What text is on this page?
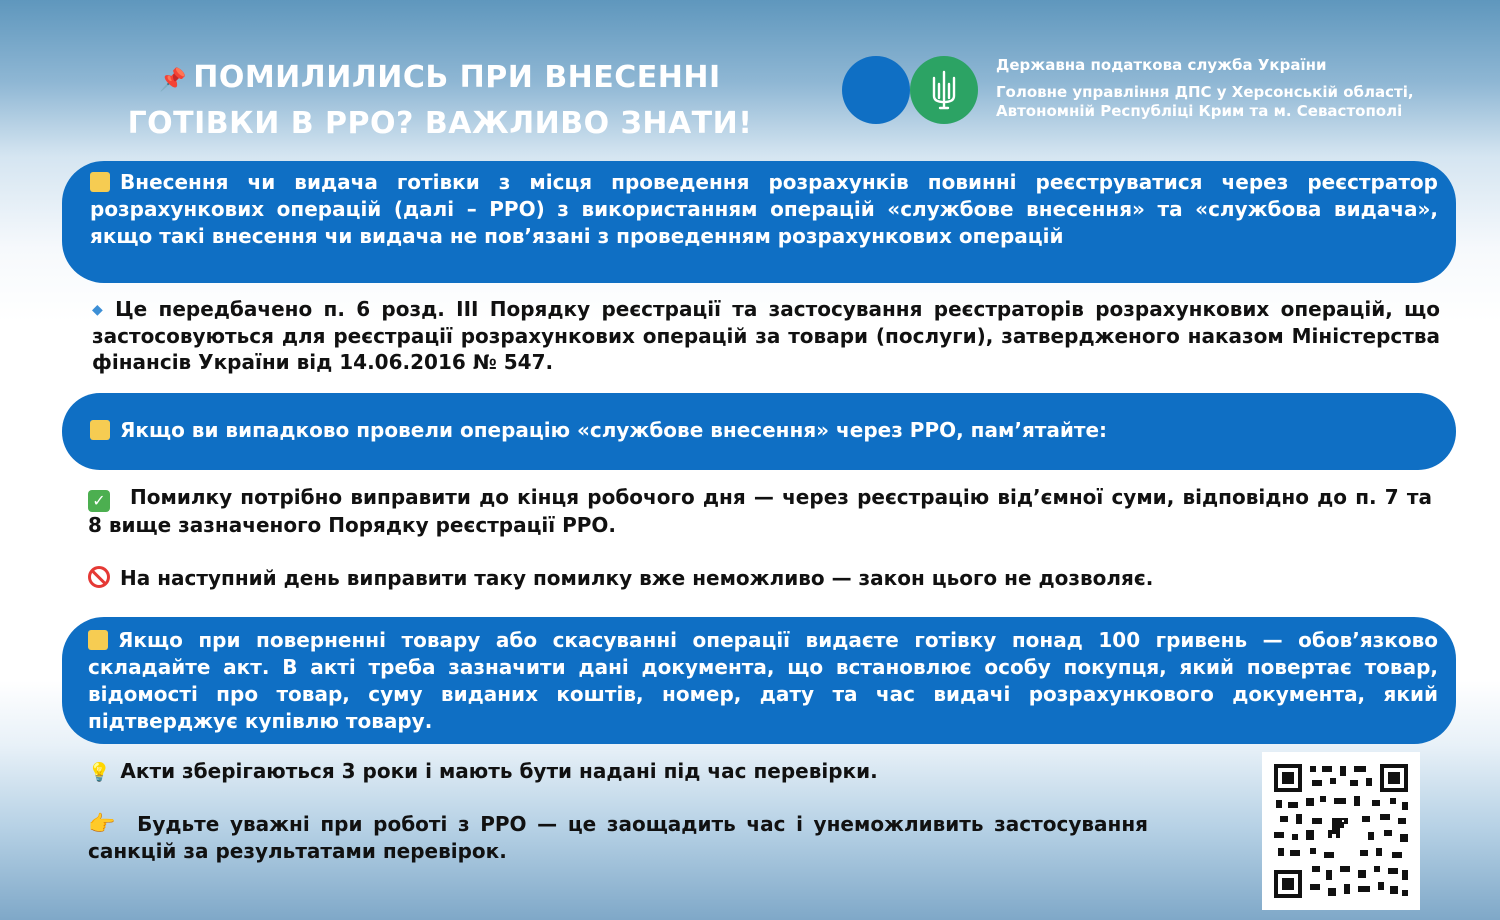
📌 ПОМИЛИЛИСЬ ПРИ ВНЕСЕННІ
ГОТІВКИ В РРО? ВАЖЛИВО ЗНАТИ!
Державна податкова служба України
Головне управління ДПС у Херсонській області,
Автономній Республіці Крим та м. Севастополі
Внесення чи видача готівки з місця проведення розрахунків повинні реєструватися через реєстратор розрахункових операцій (далі – РРО) з використанням операцій «службове внесення» та «службова видача», якщо такі внесення чи видача не пов’язані з проведенням розрахункових операцій
◆ Це передбачено п. 6 розд. III Порядку реєстрації та застосування реєстраторів розрахункових операцій, що застосовуються для реєстрації розрахункових операцій за товари (послуги), затвердженого наказом Міністерства фінансів України від 14.06.2016 № 547.
Якщо ви випадково провели операцію «службове внесення» через РРО, пам’ятайте:
✓ Помилку потрібно виправити до кінця робочого дня — через реєстрацію від’ємної суми, відповідно до п. 7 та 8 вище зазначеного Порядку реєстрації РРО.
На наступний день виправити таку помилку вже неможливо — закон цього не дозволяє.
Якщо при поверненні товару або скасуванні операції видаєте готівку понад 100 гривень — обов’язково складайте акт. В акті треба зазначити дані документа, що встановлює особу покупця, який повертає товар, відомості про товар, суму виданих коштів, номер, дату та час видачі розрахункового документа, який підтверджує купівлю товару.
💡 Акти зберігаються 3 роки і мають бути надані під час перевірки.
👉 Будьте уважні при роботі з РРО — це заощадить час і унеможливить застосування санкцій за результатами перевірок.
